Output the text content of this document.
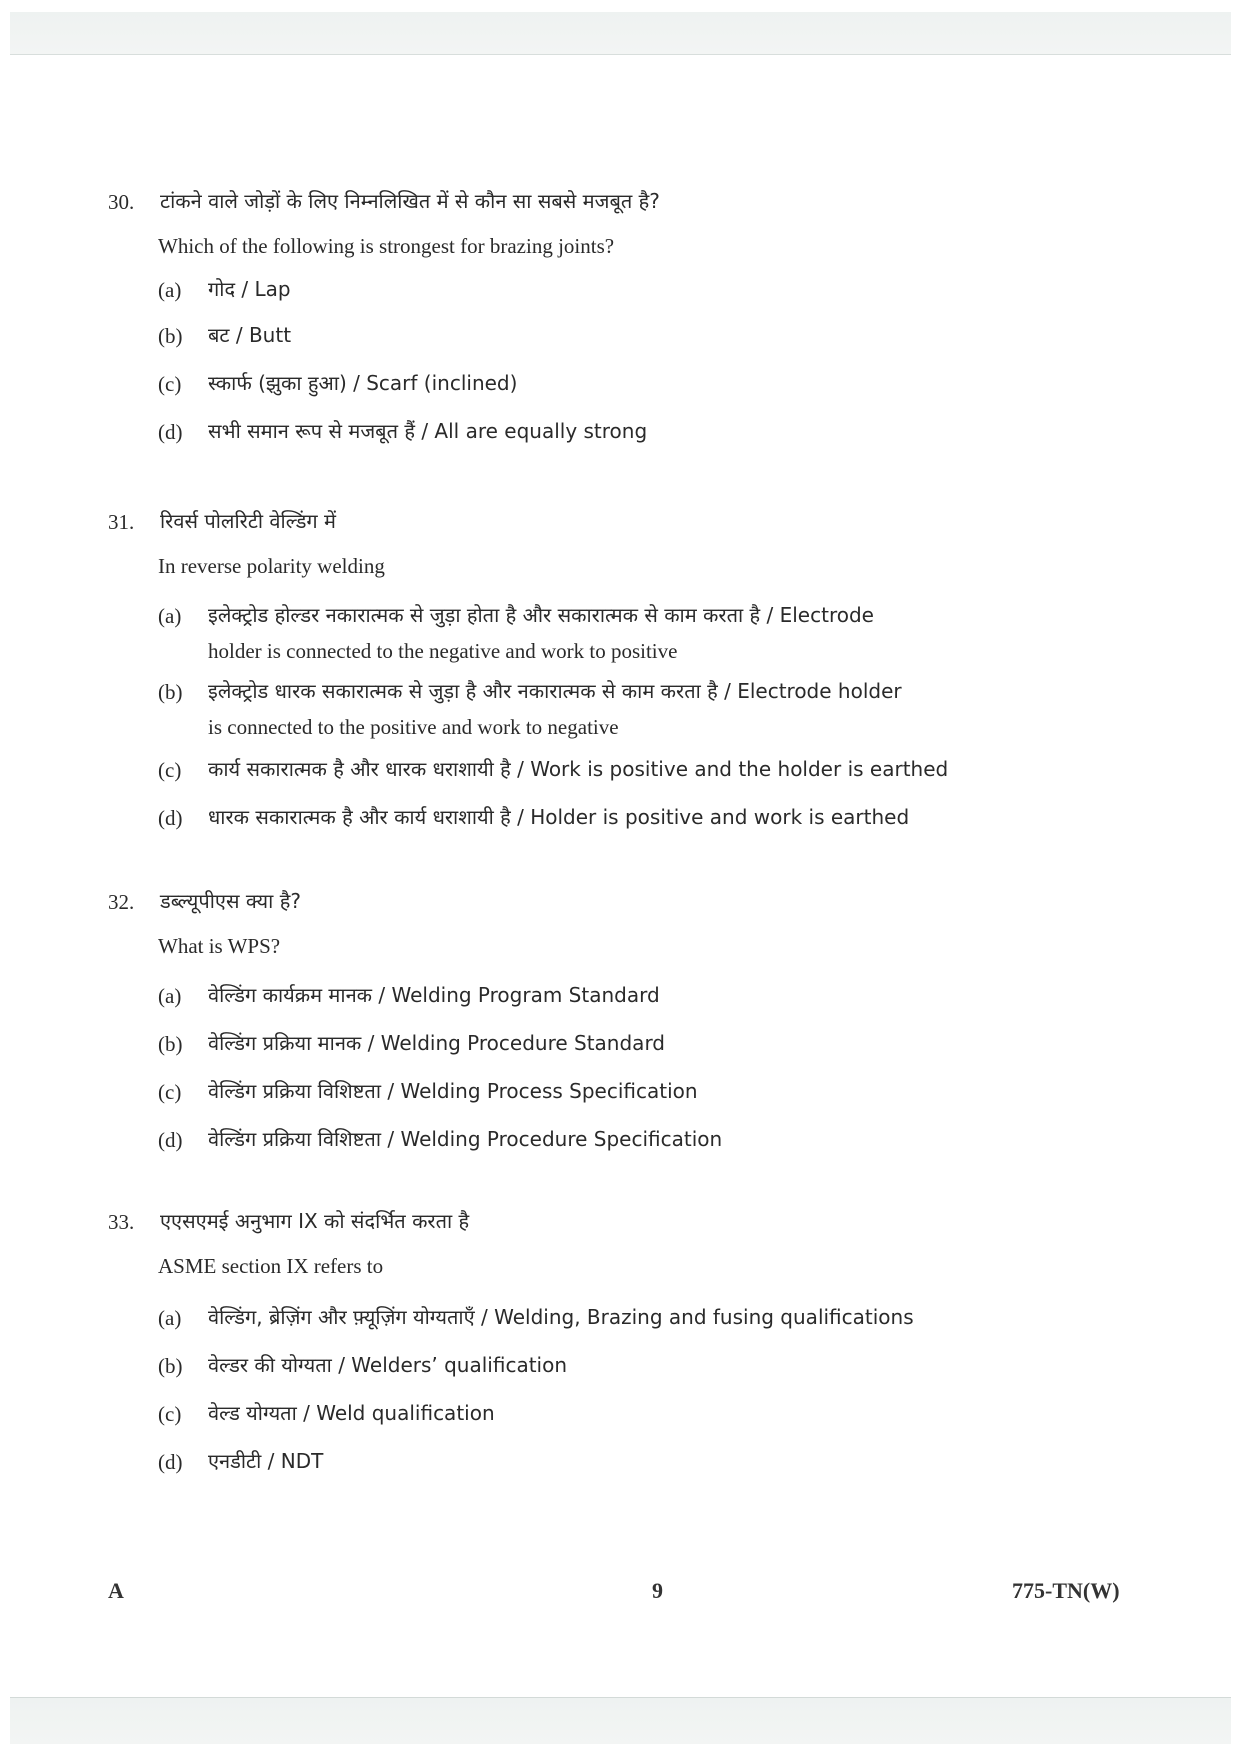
30. टांकने वाले जोड़ों के लिए निम्नलिखित में से कौन सा सबसे मजबूत है?
Which of the following is strongest for brazing joints?
(a) गोद / Lap
(b) बट / Butt
(c) स्कार्फ (झुका हुआ) / Scarf (inclined)
(d) सभी समान रूप से मजबूत हैं / All are equally strong
31. रिवर्स पोलरिटी वेल्डिंग में
In reverse polarity welding
(a) इलेक्ट्रोड होल्डर नकारात्मक से जुड़ा होता है और सकारात्मक से काम करता है / Electrode
holder is connected to the negative and work to positive
(b) इलेक्ट्रोड धारक सकारात्मक से जुड़ा है और नकारात्मक से काम करता है / Electrode holder
is connected to the positive and work to negative
(c) कार्य सकारात्मक है और धारक धराशायी है / Work is positive and the holder is earthed
(d) धारक सकारात्मक है और कार्य धराशायी है / Holder is positive and work is earthed
32. डब्ल्यूपीएस क्या है?
What is WPS?
(a) वेल्डिंग कार्यक्रम मानक / Welding Program Standard
(b) वेल्डिंग प्रक्रिया मानक / Welding Procedure Standard
(c) वेल्डिंग प्रक्रिया विशिष्टता / Welding Process Specification
(d) वेल्डिंग प्रक्रिया विशिष्टता / Welding Procedure Specification
33. एएसएमई अनुभाग IX को संदर्भित करता है
ASME section IX refers to
(a) वेल्डिंग, ब्रेज़िंग और फ़्यूज़िंग योग्यताएँ / Welding, Brazing and fusing qualifications
(b) वेल्डर की योग्यता / Welders’ qualification
(c) वेल्ड योग्यता / Weld qualification
(d) एनडीटी / NDT
A	9	775-TN(W)
